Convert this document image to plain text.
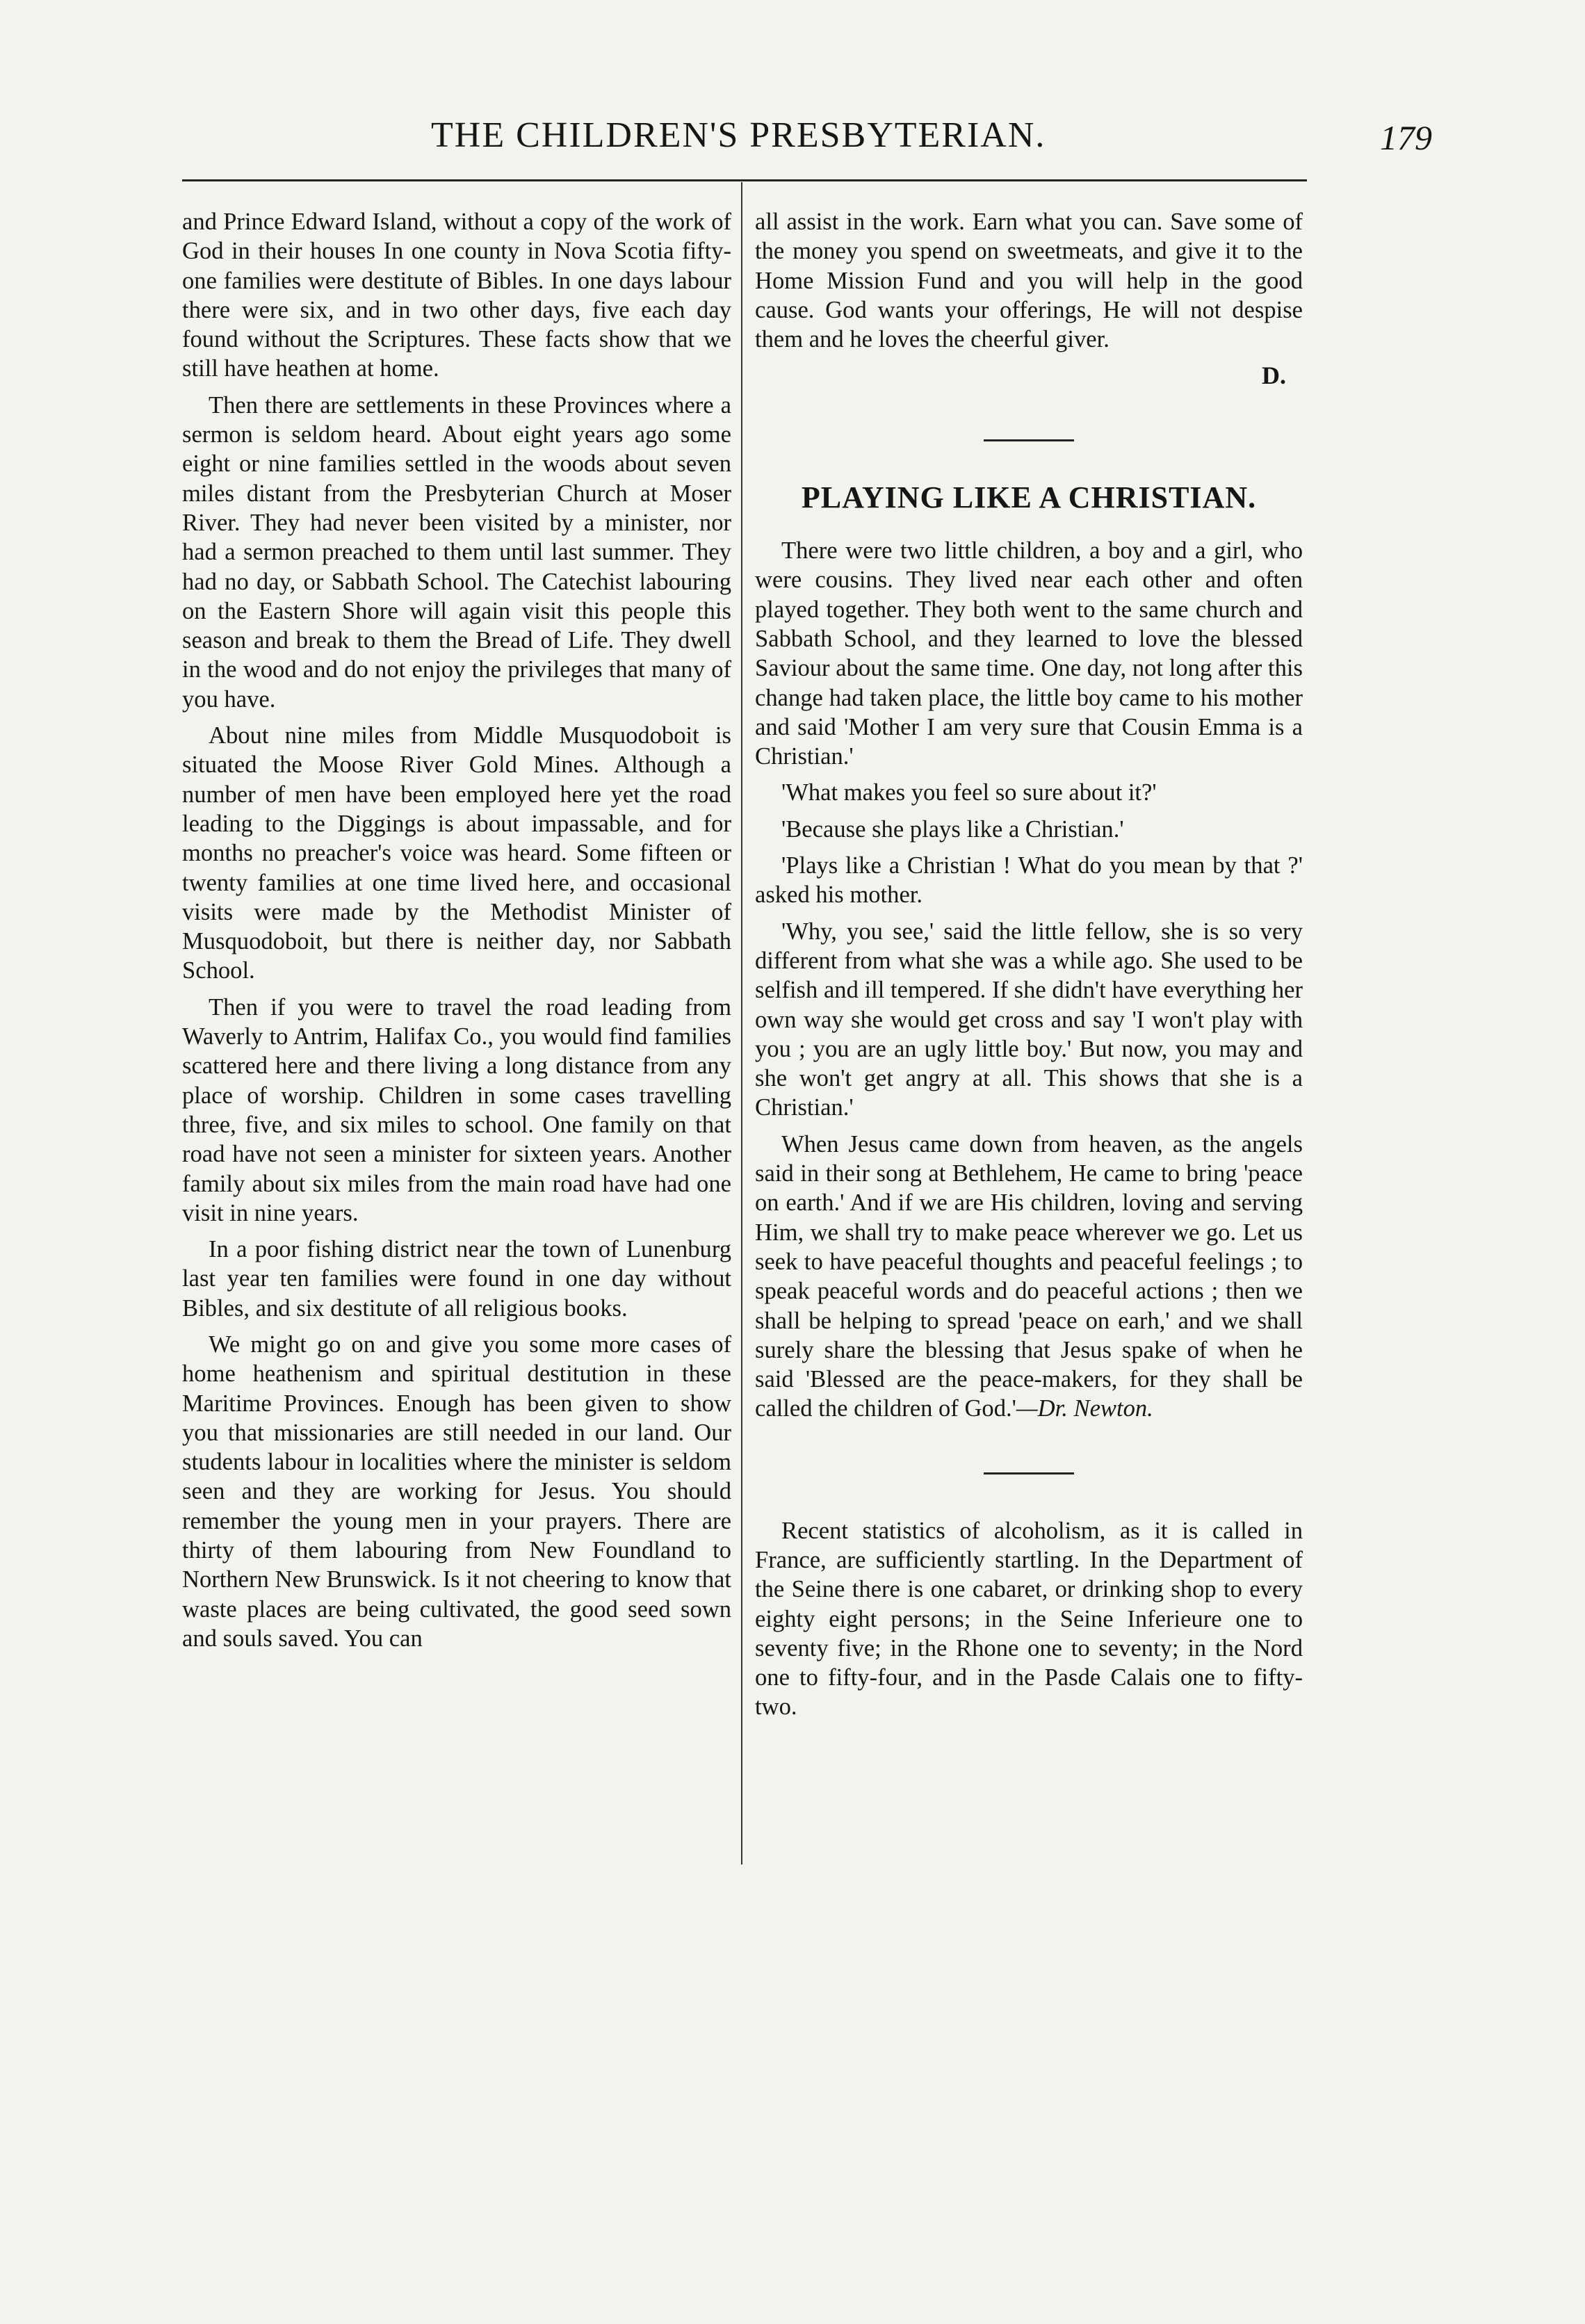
THE CHILDREN'S PRESBYTERIAN.	179

and Prince Edward Island, without a copy of the work of God in their houses In one county in Nova Scotia fifty-one families were destitute of Bibles. In one days labour there were six, and in two other days, five each day found without the Scriptures. These facts show that we still have heathen at home.

Then there are settlements in these Provinces where a sermon is seldom heard. About eight years ago some eight or nine families settled in the woods about seven miles distant from the Presbyterian Church at Moser River. They had never been visited by a minister, nor had a sermon preached to them until last summer. They had no day, or Sabbath School. The Catechist labouring on the Eastern Shore will again visit this people this season and break to them the Bread of Life. They dwell in the wood and do not enjoy the privileges that many of you have.

About nine miles from Middle Musquodoboit is situated the Moose River Gold Mines. Although a number of men have been employed here yet the road leading to the Diggings is about impassable, and for months no preacher's voice was heard. Some fifteen or twenty families at one time lived here, and occasional visits were made by the Methodist Minister of Musquodoboit, but there is neither day, nor Sabbath School.

Then if you were to travel the road leading from Waverly to Antrim, Halifax Co., you would find families scattered here and there living a long distance from any place of worship. Children in some cases travelling three, five, and six miles to school. One family on that road have not seen a minister for sixteen years. Another family about six miles from the main road have had one visit in nine years.

In a poor fishing district near the town of Lunenburg last year ten families were found in one day without Bibles, and six destitute of all religious books.

We might go on and give you some more cases of home heathenism and spiritual destitution in these Maritime Provinces. Enough has been given to show you that missionaries are still needed in our land. Our students labour in localities where the minister is seldom seen and they are working for Jesus. You should remember the young men in your prayers. There are thirty of them labouring from New Foundland to Northern New Brunswick. Is it not cheering to know that waste places are being cultivated, the good seed sown and souls saved. You can

all assist in the work. Earn what you can. Save some of the money you spend on sweetmeats, and give it to the Home Mission Fund and you will help in the good cause. God wants your offerings, He will not despise them and he loves the cheerful giver.

D.
PLAYING LIKE A CHRISTIAN.

There were two little children, a boy and a girl, who were cousins. They lived near each other and often played together. They both went to the same church and Sabbath School, and they learned to love the blessed Saviour about the same time. One day, not long after this change had taken place, the little boy came to his mother and said 'Mother I am very sure that Cousin Emma is a Christian.'

'What makes you feel so sure about it?'

'Because she plays like a Christian.'

'Plays like a Christian ! What do you mean by that ?' asked his mother.

'Why, you see,' said the little fellow, she is so very different from what she was a while ago. She used to be selfish and ill tempered. If she didn't have everything her own way she would get cross and say 'I won't play with you ; you are an ugly little boy.' But now, you may and she won't get angry at all. This shows that she is a Christian.'

When Jesus came down from heaven, as the angels said in their song at Bethlehem, He came to bring 'peace on earth.' And if we are His children, loving and serving Him, we shall try to make peace wherever we go. Let us seek to have peaceful thoughts and peaceful feelings ; to speak peaceful words and do peaceful actions ; then we shall be helping to spread 'peace on earh,' and we shall surely share the blessing that Jesus spake of when he said 'Blessed are the peace-makers, for they shall be called the children of God.'—Dr. Newton.

Recent statistics of alcoholism, as it is called in France, are sufficiently startling. In the Department of the Seine there is one cabaret, or drinking shop to every eighty eight persons; in the Seine Inferieure one to seventy five; in the Rhone one to seventy; in the Nord one to fifty-four, and in the Pasde Calais one to fifty-two.
